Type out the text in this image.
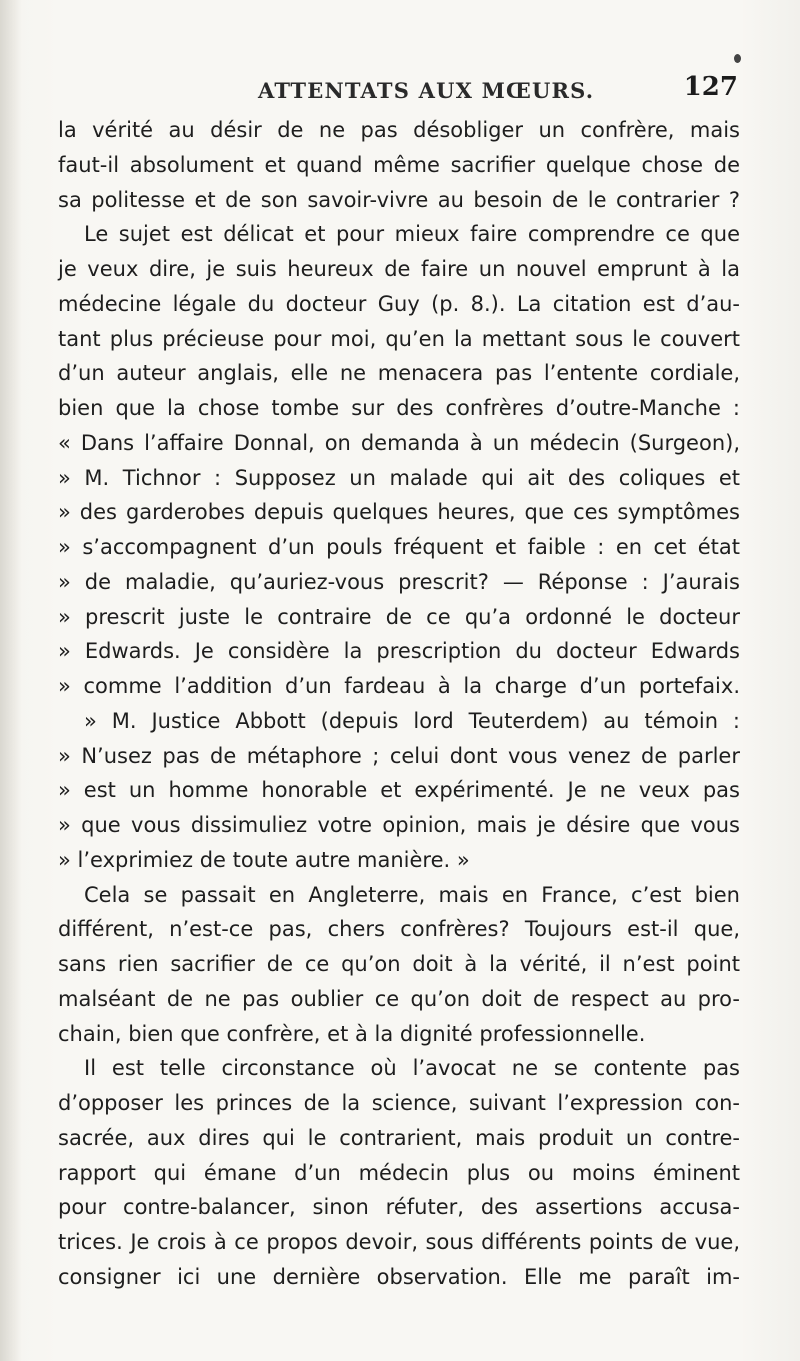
ATTENTATS AUX MŒURS.	127
la vérité au désir de ne pas désobliger un confrère, mais
faut-il absolument et quand même sacrifier quelque chose de
sa politesse et de son savoir-vivre au besoin de le contrarier ?
Le sujet est délicat et pour mieux faire comprendre ce que
je veux dire, je suis heureux de faire un nouvel emprunt à la
médecine légale du docteur Guy (p. 8.). La citation est d’au-
tant plus précieuse pour moi, qu’en la mettant sous le couvert
d’un auteur anglais, elle ne menacera pas l’entente cordiale,
bien que la chose tombe sur des confrères d’outre-Manche :
« Dans l’affaire Donnal, on demanda à un médecin (Surgeon),
» M. Tichnor : Supposez un malade qui ait des coliques et
» des garderobes depuis quelques heures, que ces symptômes
» s’accompagnent d’un pouls fréquent et faible : en cet état
» de maladie, qu’auriez-vous prescrit? — Réponse : J’aurais
» prescrit juste le contraire de ce qu’a ordonné le docteur
» Edwards. Je considère la prescription du docteur Edwards
» comme l’addition d’un fardeau à la charge d’un portefaix.
» M. Justice Abbott (depuis lord Teuterdem) au témoin :
» N’usez pas de métaphore ; celui dont vous venez de parler
» est un homme honorable et expérimenté. Je ne veux pas
» que vous dissimuliez votre opinion, mais je désire que vous
» l’exprimiez de toute autre manière. »
Cela se passait en Angleterre, mais en France, c’est bien
différent, n’est-ce pas, chers confrères? Toujours est-il que,
sans rien sacrifier de ce qu’on doit à la vérité, il n’est point
malséant de ne pas oublier ce qu’on doit de respect au pro-
chain, bien que confrère, et à la dignité professionnelle.
Il est telle circonstance où l’avocat ne se contente pas
d’opposer les princes de la science, suivant l’expression con-
sacrée, aux dires qui le contrarient, mais produit un contre-
rapport qui émane d’un médecin plus ou moins éminent
pour contre-balancer, sinon réfuter, des assertions accusa-
trices. Je crois à ce propos devoir, sous différents points de vue,
consigner ici une dernière observation. Elle me paraît im-
